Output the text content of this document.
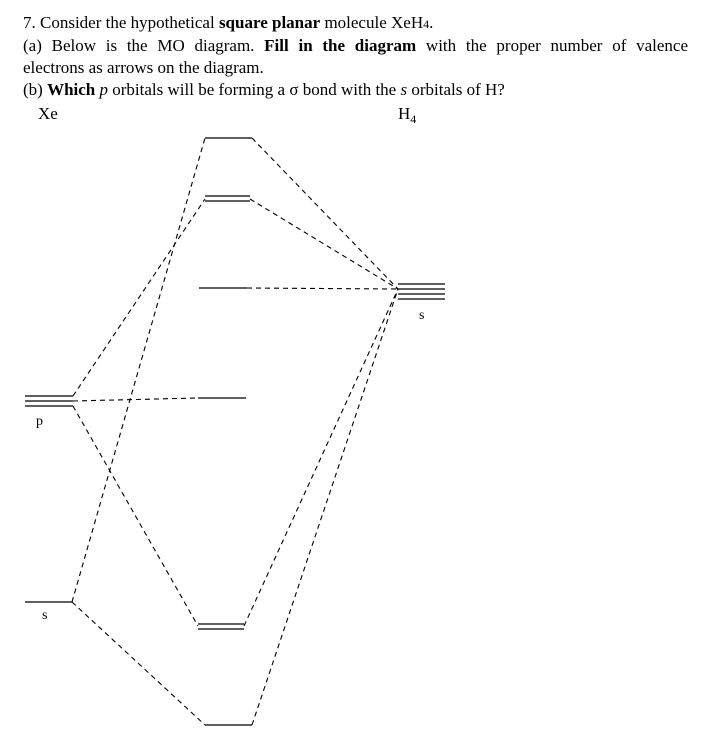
7. Consider the hypothetical square planar molecule XeH4.

(a) Below is the MO diagram. Fill in the diagram with the proper number of valence

electrons as arrows on the diagram.

(b) Which p orbitals will be forming a σ bond with the s orbitals of H?

Xe	$H_4$
p
s
s
